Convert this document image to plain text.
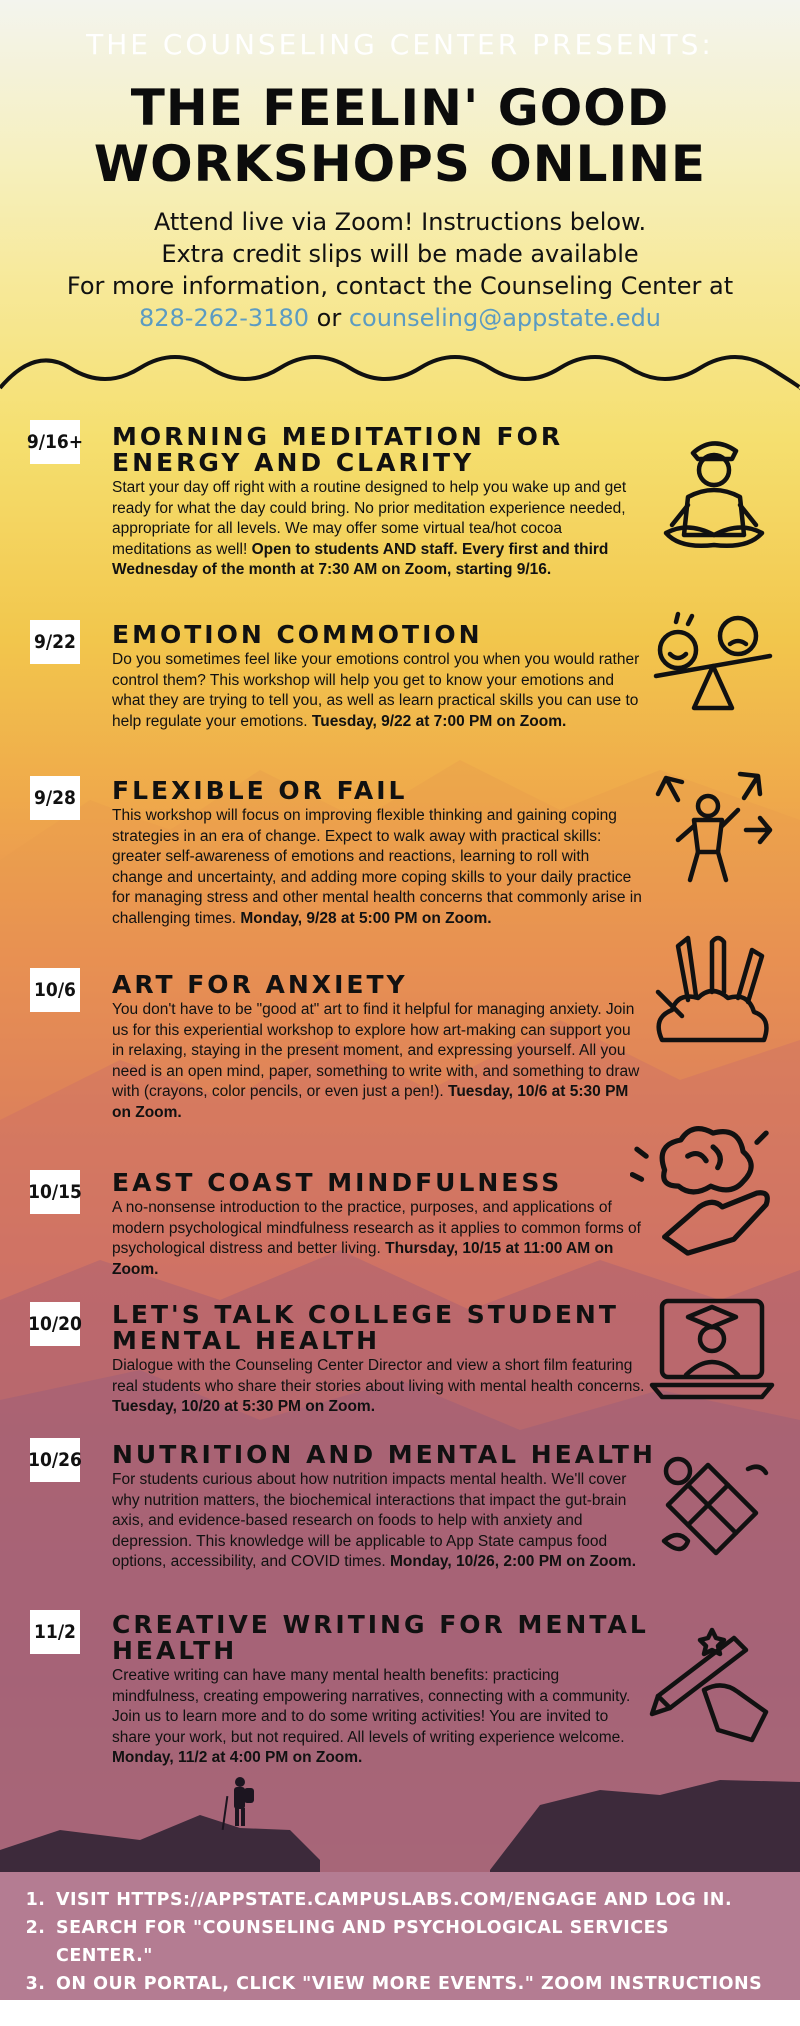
THE COUNSELING CENTER PRESENTS:
THE FEELIN' GOOD
WORKSHOPS ONLINE
Attend live via Zoom! Instructions below.
Extra credit slips will be made available
For more information, contact the Counseling Center at
828-262-3180 or counseling@appstate.edu
9/16+ MORNING MEDITATION FOR
ENERGY AND CLARITY
Start your day off right with a routine designed to help you wake up and get ready for what the day could bring. No prior meditation experience needed, appropriate for all levels. We may offer some virtual tea/hot cocoa meditations as well! Open to students AND staff. Every first and third Wednesday of the month at 7:30 AM on Zoom, starting 9/16.
9/22 EMOTION COMMOTION
Do you sometimes feel like your emotions control you when you would rather control them? This workshop will help you get to know your emotions and what they are trying to tell you, as well as learn practical skills you can use to help regulate your emotions. Tuesday, 9/22 at 7:00 PM on Zoom.
9/28 FLEXIBLE OR FAIL
This workshop will focus on improving flexible thinking and gaining coping strategies in an era of change. Expect to walk away with practical skills: greater self-awareness of emotions and reactions, learning to roll with change and uncertainty, and adding more coping skills to your daily practice for managing stress and other mental health concerns that commonly arise in challenging times. Monday, 9/28 at 5:00 PM on Zoom.
10/6 ART FOR ANXIETY
You don't have to be "good at" art to find it helpful for managing anxiety. Join us for this experiential workshop to explore how art-making can support you in relaxing, staying in the present moment, and expressing yourself. All you need is an open mind, paper, something to write with, and something to draw with (crayons, color pencils, or even just a pen!). Tuesday, 10/6 at 5:30 PM on Zoom.
10/15 EAST COAST MINDFULNESS
A no-nonsense introduction to the practice, purposes, and applications of modern psychological mindfulness research as it applies to common forms of psychological distress and better living. Thursday, 10/15 at 11:00 AM on Zoom.
10/20 LET'S TALK COLLEGE STUDENT
MENTAL HEALTH
Dialogue with the Counseling Center Director and view a short film featuring real students who share their stories about living with mental health concerns. Tuesday, 10/20 at 5:30 PM on Zoom.
10/26 NUTRITION AND MENTAL HEALTH
For students curious about how nutrition impacts mental health. We'll cover why nutrition matters, the biochemical interactions that impact the gut-brain axis, and evidence-based research on foods to help with anxiety and depression. This knowledge will be applicable to App State campus food options, accessibility, and COVID times. Monday, 10/26, 2:00 PM on Zoom.
11/2 CREATIVE WRITING FOR MENTAL
HEALTH
Creative writing can have many mental health benefits: practicing mindfulness, creating empowering narratives, connecting with a community. Join us to learn more and to do some writing activities! You are invited to share your work, but not required. All levels of writing experience welcome. Monday, 11/2 at 4:00 PM on Zoom.
1. VISIT HTTPS://APPSTATE.CAMPUSLABS.COM/ENGAGE AND LOG IN.
2. SEARCH FOR "COUNSELING AND PSYCHOLOGICAL SERVICES CENTER."
3. ON OUR PORTAL, CLICK "VIEW MORE EVENTS." ZOOM INSTRUCTIONS ARE INCLUDED FOR EACH.
